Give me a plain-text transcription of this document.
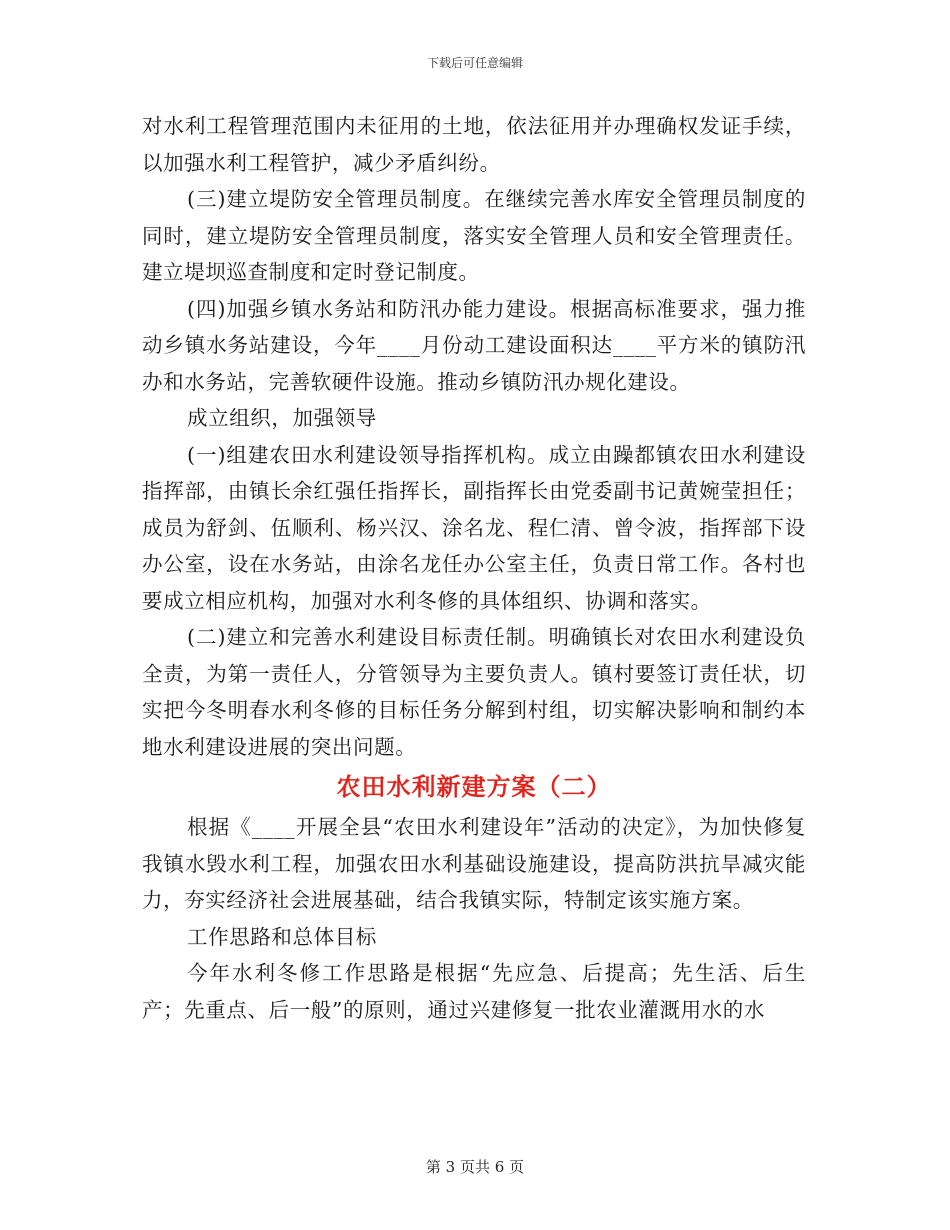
下载后可任意编辑

对水利工程管理范围内未征用的土地，依法征用并办理确权发证手续，以加强水利工程管护，减少矛盾纠纷。

(三)建立堤防安全管理员制度。在继续完善水库安全管理员制度的同时，建立堤防安全管理员制度，落实安全管理人员和安全管理责任。建立堤坝巡查制度和定时登记制度。

(四)加强乡镇水务站和防汛办能力建设。根据高标准要求，强力推动乡镇水务站建设，今年____月份动工建设面积达____平方米的镇防汛办和水务站，完善软硬件设施。推动乡镇防汛办规化建设。

成立组织，加强领导

(一)组建农田水利建设领导指挥机构。成立由躁都镇农田水利建设指挥部，由镇长余红强任指挥长，副指挥长由党委副书记黄婉莹担任；成员为舒剑、伍顺利、杨兴汉、涂名龙、程仁清、曾令波，指挥部下设办公室，设在水务站，由涂名龙任办公室主任，负责日常工作。各村也要成立相应机构，加强对水利冬修的具体组织、协调和落实。

(二)建立和完善水利建设目标责任制。明确镇长对农田水利建设负全责，为第一责任人，分管领导为主要负责人。镇村要签订责任状，切实把今冬明春水利冬修的目标任务分解到村组，切实解决影响和制约本地水利建设进展的突出问题。

农田水利新建方案（二）

根据《____开展全县“农田水利建设年”活动的决定》，为加快修复我镇水毁水利工程，加强农田水利基础设施建设，提高防洪抗旱减灾能力，夯实经济社会进展基础，结合我镇实际，特制定该实施方案。

工作思路和总体目标

今年水利冬修工作思路是根据“先应急、后提高；先生活、后生产；先重点、后一般”的原则，通过兴建修复一批农业灌溉用水的水

第 3 页共 6 页
